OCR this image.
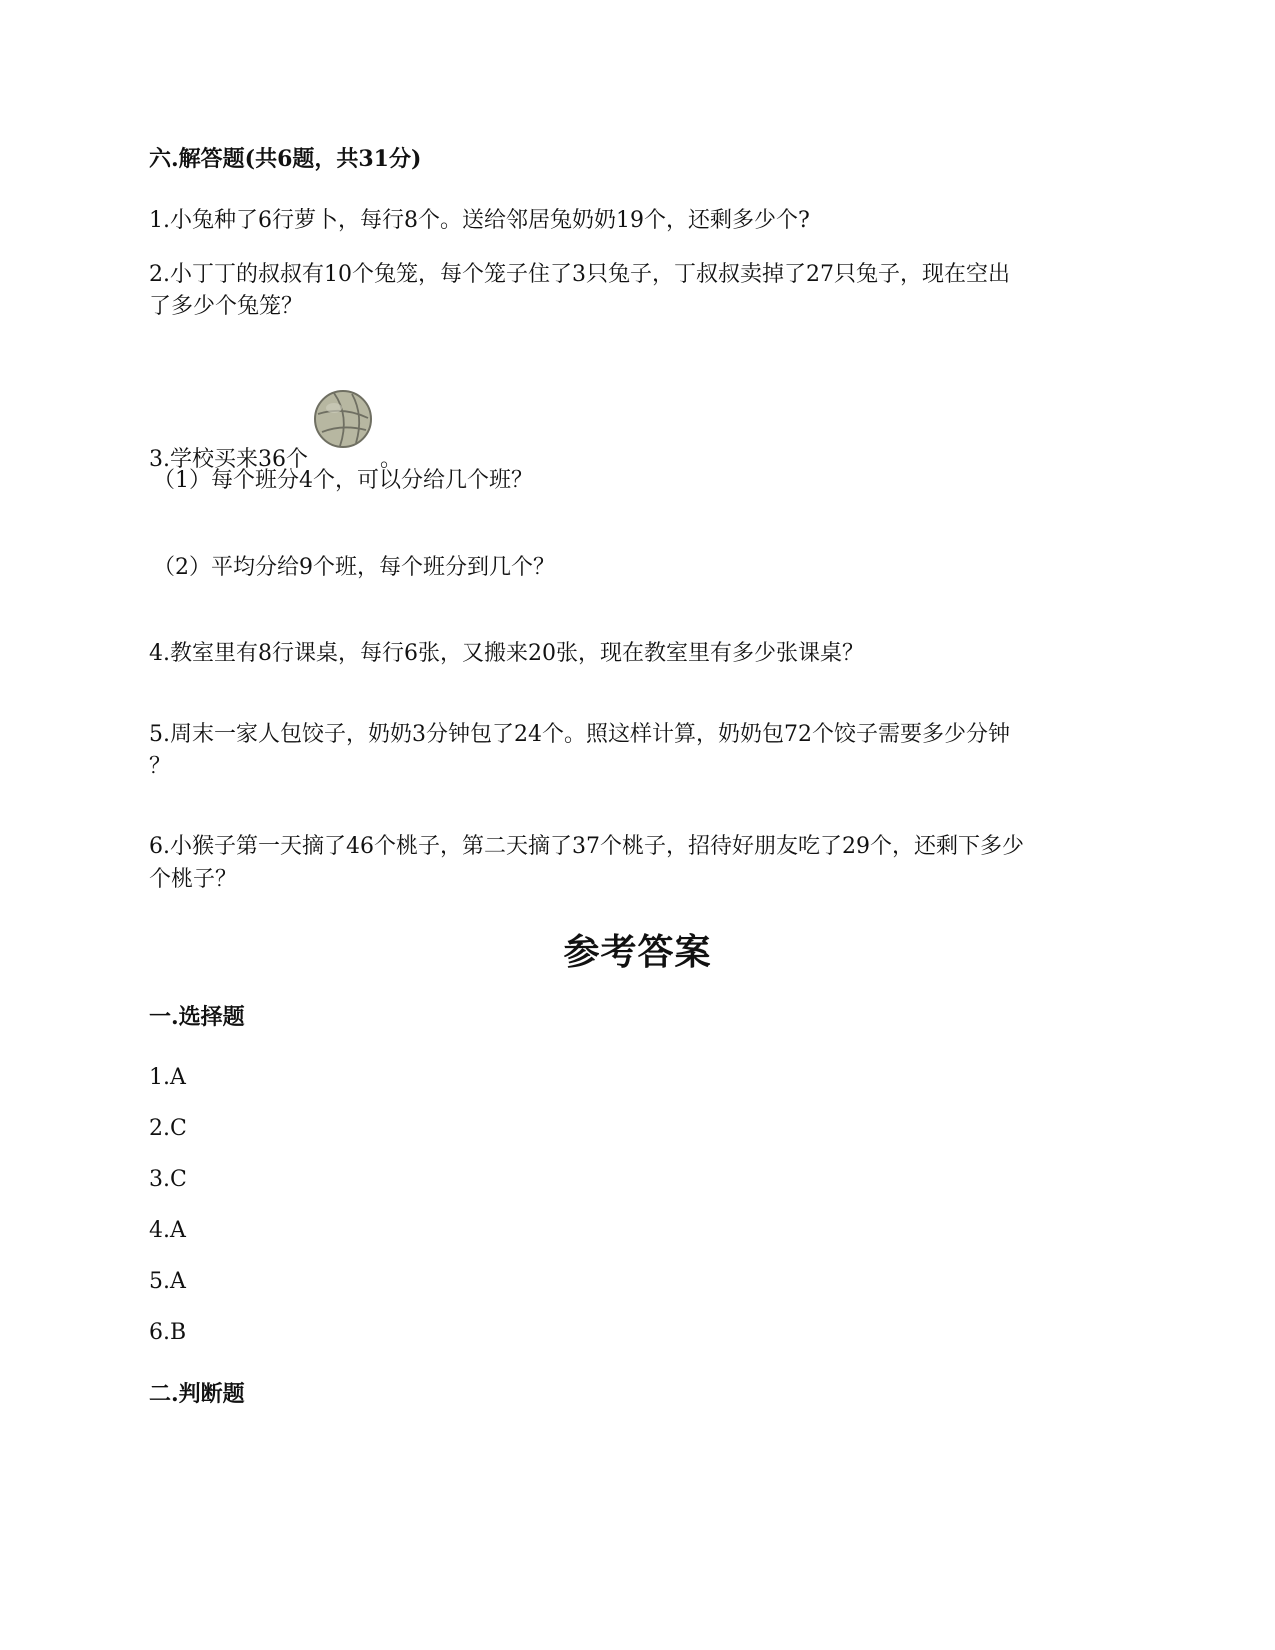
六.解答题(共6题，共31分)

1.小兔种了6行萝卜，每行8个。送给邻居兔奶奶19个，还剩多少个?

2.小丁丁的叔叔有10个兔笼，每个笼子住了3只兔子，丁叔叔卖掉了27只兔子，现在空出

了多少个兔笼？

3.学校买来36个	。

（1）每个班分4个，可以分给几个班？

（2）平均分给9个班，每个班分到几个？

4.教室里有8行课桌，每行6张，又搬来20张，现在教室里有多少张课桌？

5.周末一家人包饺子，奶奶3分钟包了24个。照这样计算，奶奶包72个饺子需要多少分钟

？

6.小猴子第一天摘了46个桃子，第二天摘了37个桃子，招待好朋友吃了29个，还剩下多少

个桃子？

参考答案

一.选择题

1.A

2.C

3.C

4.A

5.A

6.B

二.判断题
